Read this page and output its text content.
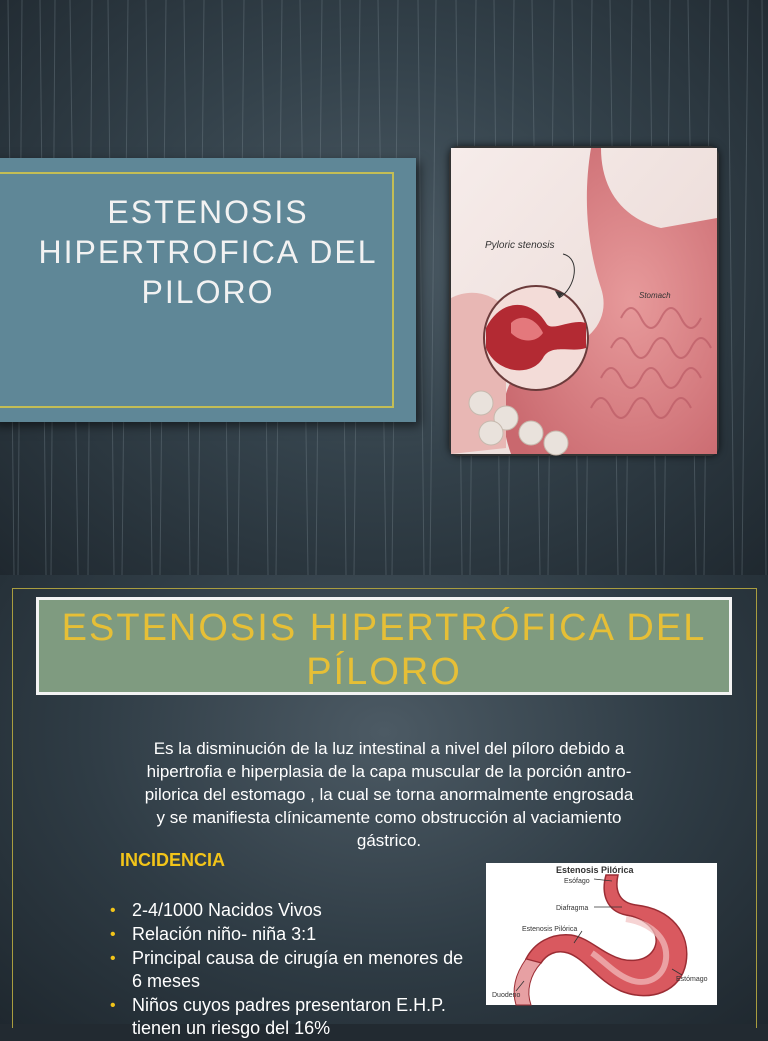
ESTENOSIS
HIPERTROFICA DEL
PILORO
Pyloric stenosis
Stomach
ESTENOSIS HIPERTRÓFICA DEL
PÍLORO
Es la disminución de la luz intestinal a nivel del píloro debido a
hipertrofia e hiperplasia de la capa muscular de la porción antro-
pilorica del estomago , la cual se torna anormalmente engrosada
y se manifiesta clínicamente como obstrucción al vaciamiento
gástrico.
INCIDENCIA
• 2-4/1000 Nacidos Vivos
• Relación niño- niña 3:1
• Principal causa de cirugía en menores de 6 meses
• Niños cuyos padres presentaron E.H.P. tienen un riesgo del 16%
Estenosis Pilórica
Esófago
Diafragma
Estenosis Pilórica
Estómago
Duodeno
